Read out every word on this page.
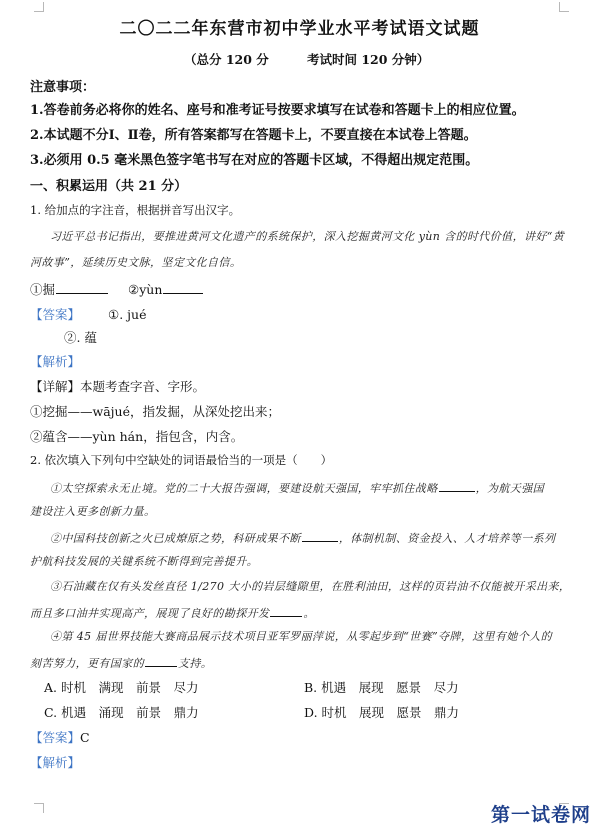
二〇二二年东营市初中学业水平考试语文试题
（总分 120 分	考试时间 120 分钟）
注意事项：
1.答卷前务必将你的姓名、座号和准考证号按要求填写在试卷和答题卡上的相应位置。
2.本试题不分Ⅰ、Ⅱ卷，所有答案都写在答题卡上，不要直接在本试卷上答题。
3.必须用 0.5 毫米黑色签字笔书写在对应的答题卡区域，不得超出规定范围。
一、积累运用（共 21 分）
1. 给加点的字注音，根据拼音写出汉字。
习近平总书记指出，要推进黄河文化遗产的系统保护，深入挖掘黄河文化 yùn 含的时代价值，讲好“黄
河故事”，延续历史文脉，坚定文化自信。
①掘	②yùn
【答案】 ①. jué
②. 蕴
【解析】
【详解】本题考查字音、字形。
①挖掘——wājué，指发掘，从深处挖出来；
②蕴含——yùn hán，指包含，内含。
2. 依次填入下列句中空缺处的词语最恰当的一项是（　　）
①太空探索永无止境。党的二十大报告强调，要建设航天强国，牢牢抓住战略	，为航天强国
建设注入更多创新力量。
②中国科技创新之火已成燎原之势，科研成果不断	，体制机制、资金投入、人才培养等一系列
护航科技发展的关键系统不断得到完善提升。
③石油藏在仅有头发丝直径 1/270 大小的岩层缝隙里，在胜利油田，这样的页岩油不仅能被开采出来，
而且多口油井实现高产，展现了良好的勘探开发	。
④第 45 届世界技能大赛商品展示技术项目亚军罗丽萍说，从零起步到“世赛”夺牌，这里有她个人的
刻苦努力，更有国家的	支持。
A. 时机　满现　前景　尽力	B. 机遇　展现　愿景　尽力
C. 机遇　涌现　前景　鼎力	D. 时机　展现　愿景　鼎力
【答案】C
【解析】
第一试卷网
